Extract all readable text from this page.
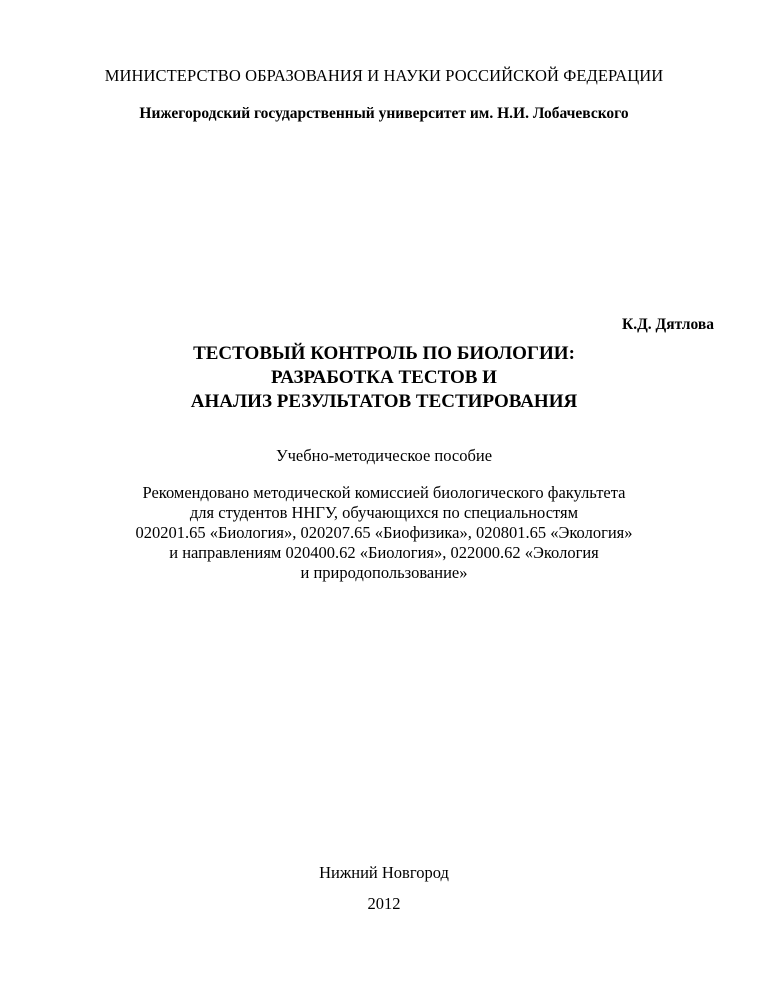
МИНИСТЕРСТВО ОБРАЗОВАНИЯ И НАУКИ РОССИЙСКОЙ ФЕДЕРАЦИИ
Нижегородский государственный университет им. Н.И. Лобачевского
К.Д. Дятлова
ТЕСТОВЫЙ КОНТРОЛЬ ПО БИОЛОГИИ:
РАЗРАБОТКА ТЕСТОВ И
АНАЛИЗ РЕЗУЛЬТАТОВ ТЕСТИРОВАНИЯ
Учебно-методическое пособие
Рекомендовано методической комиссией биологического факультета
для студентов ННГУ, обучающихся по специальностям
020201.65 «Биология», 020207.65 «Биофизика», 020801.65 «Экология»
и направлениям 020400.62 «Биология», 022000.62 «Экология
и природопользование»
Нижний Новгород
2012
